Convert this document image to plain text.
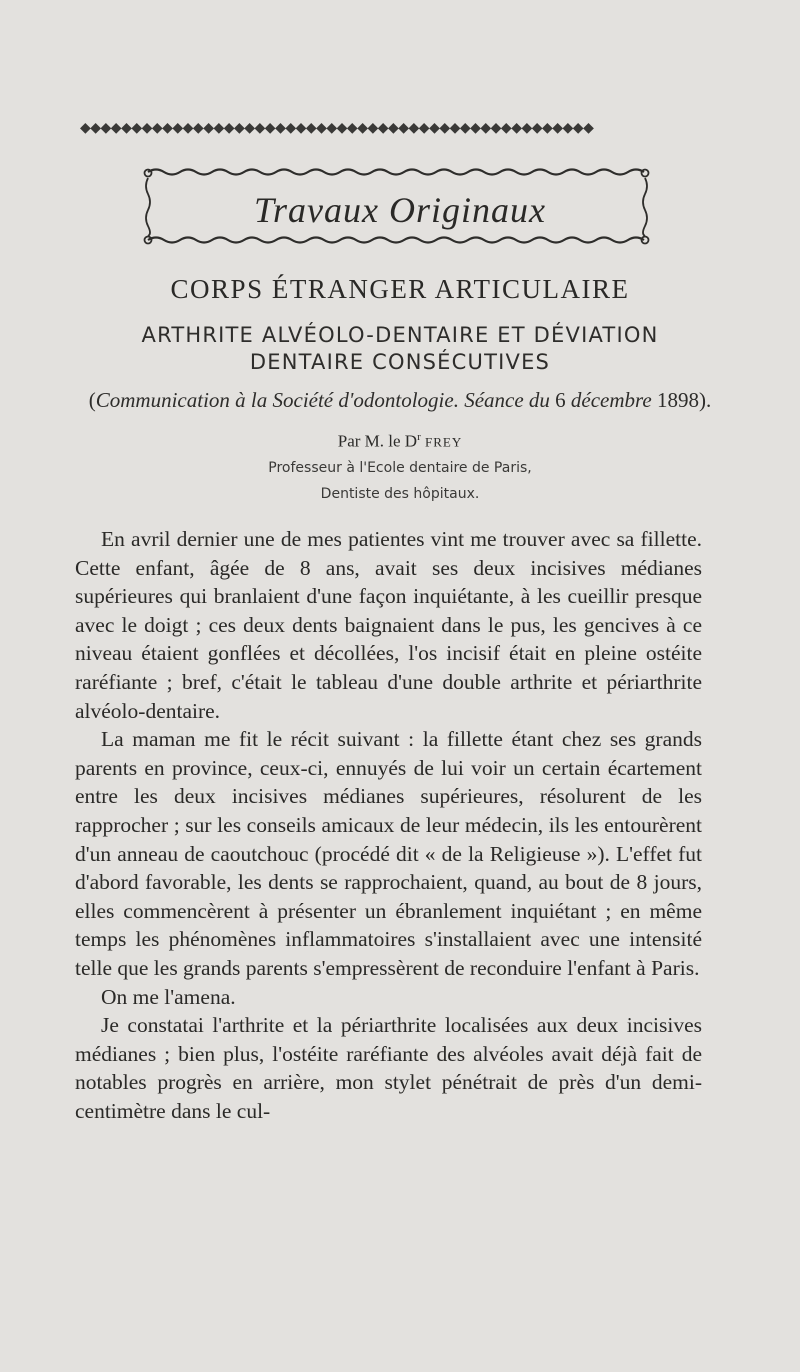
◆◆◆◆◆◆◆◆◆◆◆◆◆◆◆◆◆◆◆◆◆◆◆◆◆◆◆◆◆◆◆◆◆◆◆◆◆◆◆◆◆◆◆◆◆◆◆◆◆◆
Travaux Originaux
CORPS ÉTRANGER ARTICULAIRE
ARTHRITE ALVÉOLO-DENTAIRE ET DÉVIATION
DENTAIRE CONSÉCUTIVES
(Communication à la Société d'odontologie. Séance du 6 décembre 1898).
Par M. le $D^r$ FREY
Professeur à l'Ecole dentaire de Paris,
Dentiste des hôpitaux.

En avril dernier une de mes patientes vint me trouver avec sa fillette. Cette enfant, âgée de 8 ans, avait ses deux incisives médianes supérieures qui branlaient d'une façon inquiétante, à les cueillir presque avec le doigt ; ces deux dents baignaient dans le pus, les gencives à ce niveau étaient gonflées et décollées, l'os incisif était en pleine ostéite raréfiante ; bref, c'était le tableau d'une double arthrite et périarthrite alvéolo-dentaire.

La maman me fit le récit suivant : la fillette étant chez ses grands parents en province, ceux-ci, ennuyés de lui voir un certain écartement entre les deux incisives médianes supérieures, résolurent de les rapprocher ; sur les conseils amicaux de leur médecin, ils les entourèrent d'un anneau de caoutchouc (procédé dit « de la Religieuse »). L'effet fut d'abord favorable, les dents se rapprochaient, quand, au bout de 8 jours, elles commencèrent à présenter un ébranlement inquiétant ; en même temps les phénomènes inflammatoires s'installaient avec une intensité telle que les grands parents s'empressèrent de reconduire l'enfant à Paris.

On me l'amena.

Je constatai l'arthrite et la périarthrite localisées aux deux incisives médianes ; bien plus, l'ostéite raréfiante des alvéoles avait déjà fait de notables progrès en arrière, mon stylet pénétrait de près d'un demi-centimètre dans le cul-
